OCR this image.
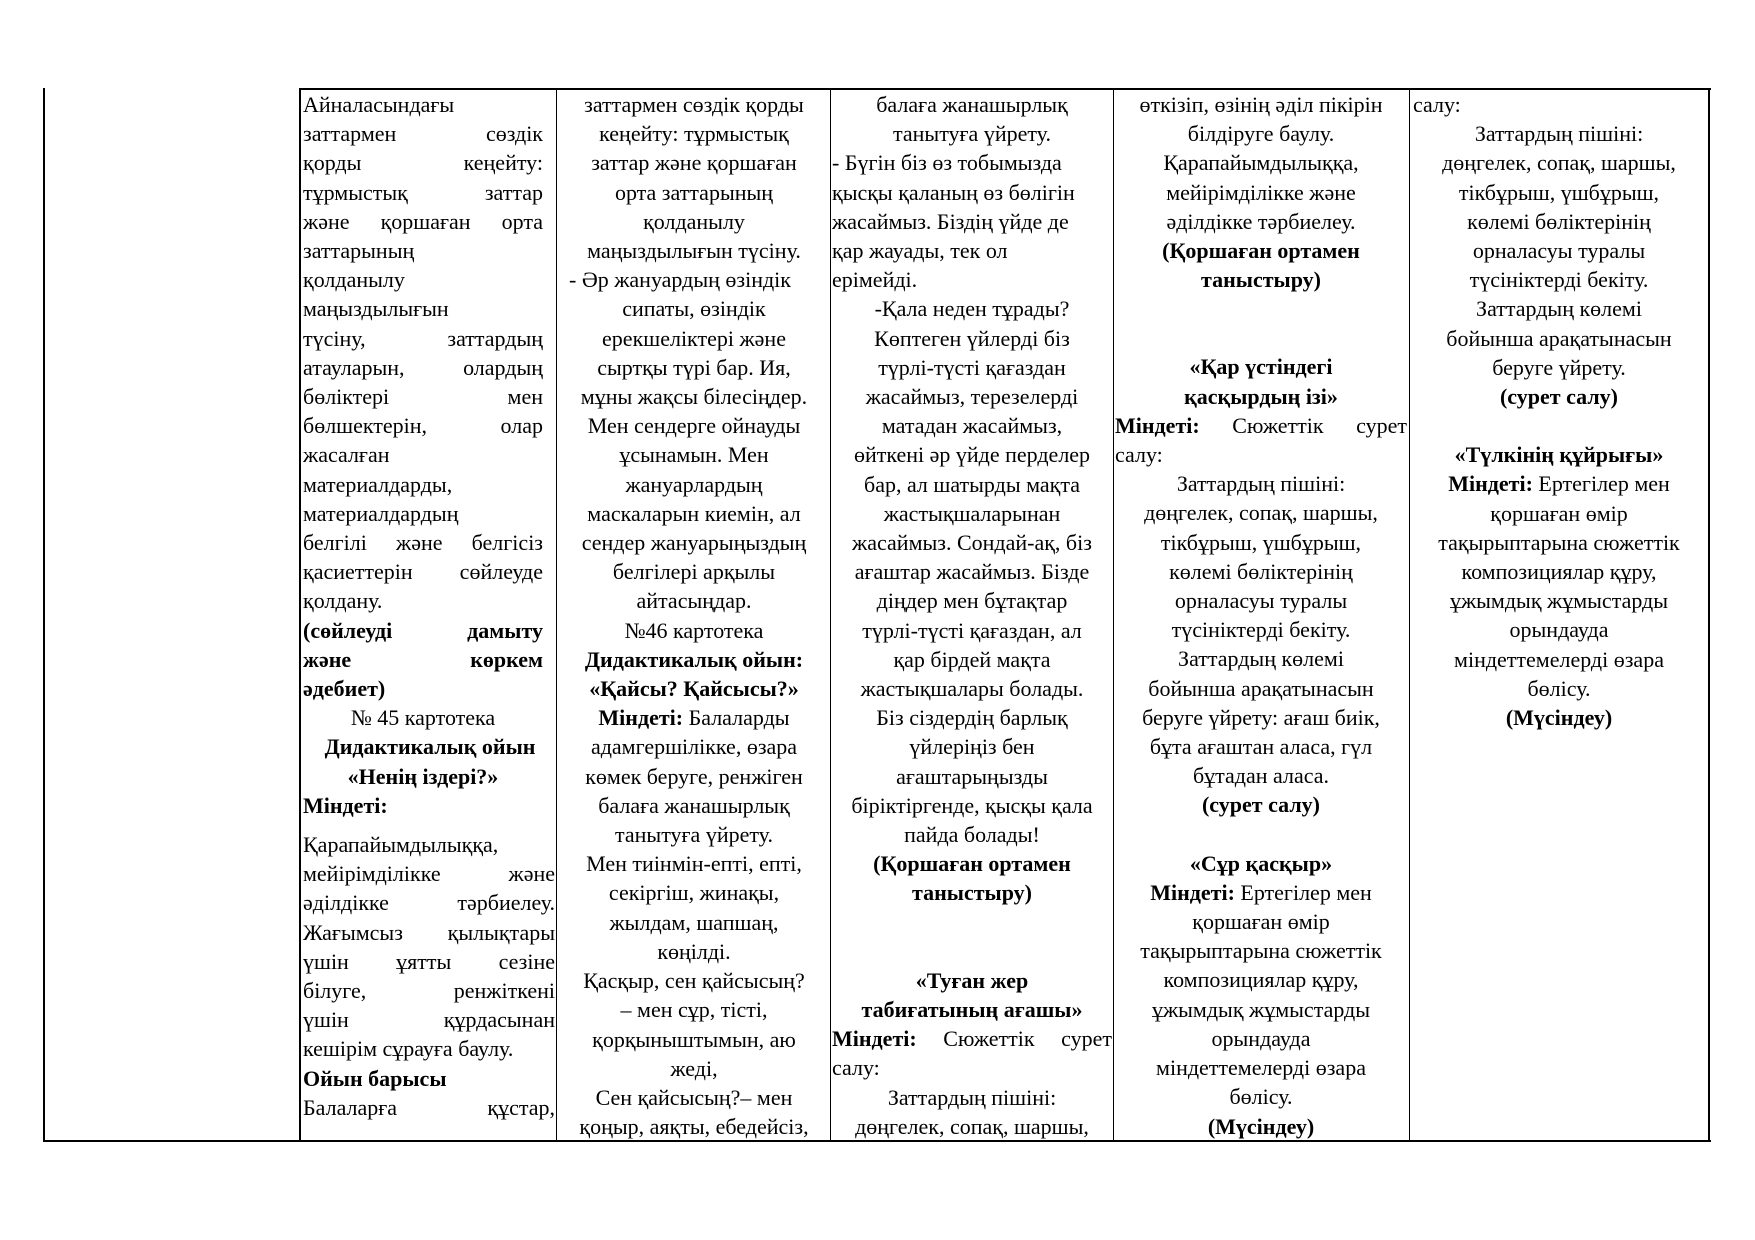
Айналасындағы
заттармен сөздік
қорды кеңейту:
тұрмыстық заттар
және қоршаған орта
заттарының
қолданылу
маңыздылығын
түсіну, заттардың
атауларын, олардың
бөліктері мен
бөлшектерін, олар
жасалған
материалдарды,
материалдардың
белгілі және белгісіз
қасиеттерін сөйлеуде
қолдану.
(сөйлеуді дамыту
және көркем
әдебиет)
№ 45 картотека
Дидактикалық ойын
«Ненің іздері?»
Міндеті:
Қарапайымдылыққа,
мейірімділікке және
әділдікке тәрбиелеу.
Жағымсыз қылықтары
үшін ұятты сезіне
білуге, ренжіткені
үшін құрдасынан
кешірім сұрауға баулу.
Ойын барысы
Балаларға құстар,
заттармен сөздік қорды
кеңейту: тұрмыстық
заттар және қоршаған
орта заттарының
қолданылу
маңыздылығын түсіну.
- Әр жануардың өзіндік
сипаты, өзіндік
ерекшеліктері және
сыртқы түрі бар. Ия,
мұны жақсы білесіңдер.
Мен сендерге ойнауды
ұсынамын. Мен
жануарлардың
маскаларын киемін, ал
сендер жануарыңыздың
белгілері арқылы
айтасыңдар.
№46 картотека
Дидактикалық ойын:
«Қайсы? Қайсысы?»
Міндеті: Балаларды
адамгершілікке, өзара
көмек беруге, ренжіген
балаға жанашырлық
танытуға үйрету.
Мен тиінмін-епті, епті,
секіргіш, жинақы,
жылдам, шапшаң,
көңілді.
Қасқыр, сен қайсысың?
– мен сұр, тісті,
қорқыныштымын, аю
жеді,
Сен қайсысың?– мен
қоңыр, аяқты, ебедейсіз,
балаға жанашырлық
танытуға үйрету.
- Бүгін біз өз тобымызда
қысқы қаланың өз бөлігін
жасаймыз. Біздің үйде де
қар жауады, тек ол
ерімейді.
-Қала неден тұрады?
Көптеген үйлерді біз
түрлі-түсті қағаздан
жасаймыз, терезелерді
матадан жасаймыз,
өйткені әр үйде перделер
бар, ал шатырды мақта
жастықшаларынан
жасаймыз. Сондай-ақ, біз
ағаштар жасаймыз. Бізде
діңдер мен бұтақтар
түрлі-түсті қағаздан, ал
қар бірдей мақта
жастықшалары болады.
Біз сіздердің барлық
үйлеріңіз бен
ағаштарыңызды
біріктіргенде, қысқы қала
пайда болады!
(Қоршаған ортамен
таныстыру)
«Туған жер
табиғатының ағашы»
Міндеті: Сюжеттік сурет
салу:
Заттардың пішіні:
дөңгелек, сопақ, шаршы,
өткізіп, өзінің әділ пікірін
білдіруге баулу.
Қарапайымдылыққа,
мейірімділікке және
әділдікке тәрбиелеу.
(Қоршаған ортамен
таныстыру)
«Қар үстіндегі
қасқырдың ізі»
Міндеті: Сюжеттік сурет
салу:
Заттардың пішіні:
дөңгелек, сопақ, шаршы,
тікбұрыш, үшбұрыш,
көлемі бөліктерінің
орналасуы туралы
түсініктерді бекіту.
Заттардың көлемі
бойынша арақатынасын
беруге үйрету: ағаш биік,
бұта ағаштан аласа, гүл
бұтадан аласа.
(сурет салу)
«Сұр қасқыр»
Міндеті: Ертегілер мен
қоршаған өмір
тақырыптарына сюжеттік
композициялар құру,
ұжымдық жұмыстарды
орындауда
міндеттемелерді өзара
бөлісу.
(Мүсіндеу)
салу:
Заттардың пішіні:
дөңгелек, сопақ, шаршы,
тікбұрыш, үшбұрыш,
көлемі бөліктерінің
орналасуы туралы
түсініктерді бекіту.
Заттардың көлемі
бойынша арақатынасын
беруге үйрету.
(сурет салу)
«Түлкінің құйрығы»
Міндеті: Ертегілер мен
қоршаған өмір
тақырыптарына сюжеттік
композициялар құру,
ұжымдық жұмыстарды
орындауда
міндеттемелерді өзара
бөлісу.
(Мүсіндеу)
